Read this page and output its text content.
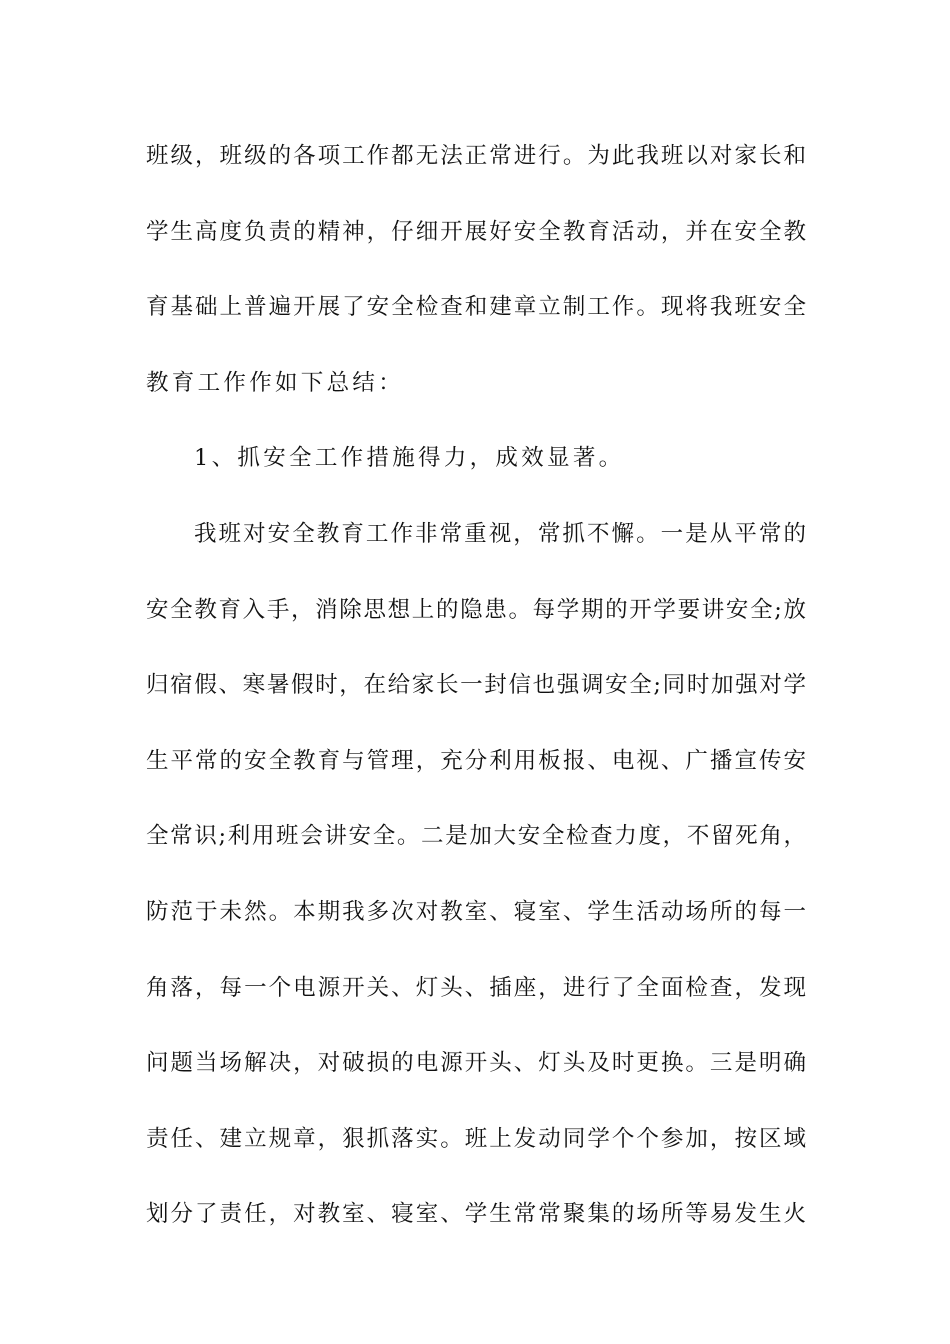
班级，班级的各项工作都无法正常进行。为此我班以对家长和
学生高度负责的精神，仔细开展好安全教育活动，并在安全教
育基础上普遍开展了安全检查和建章立制工作。现将我班安全
教育工作作如下总结：
1、抓安全工作措施得力，成效显著。
我班对安全教育工作非常重视，常抓不懈。一是从平常的
安全教育入手，消除思想上的隐患。每学期的开学要讲安全;放
归宿假、寒暑假时，在给家长一封信也强调安全;同时加强对学
生平常的安全教育与管理，充分利用板报、电视、广播宣传安
全常识;利用班会讲安全。二是加大安全检查力度，不留死角，
防范于未然。本期我多次对教室、寝室、学生活动场所的每一
角落，每一个电源开关、灯头、插座，进行了全面检查，发现
问题当场解决，对破损的电源开头、灯头及时更换。三是明确
责任、建立规章，狠抓落实。班上发动同学个个参加，按区域
划分了责任，对教室、寝室、学生常常聚集的场所等易发生火
